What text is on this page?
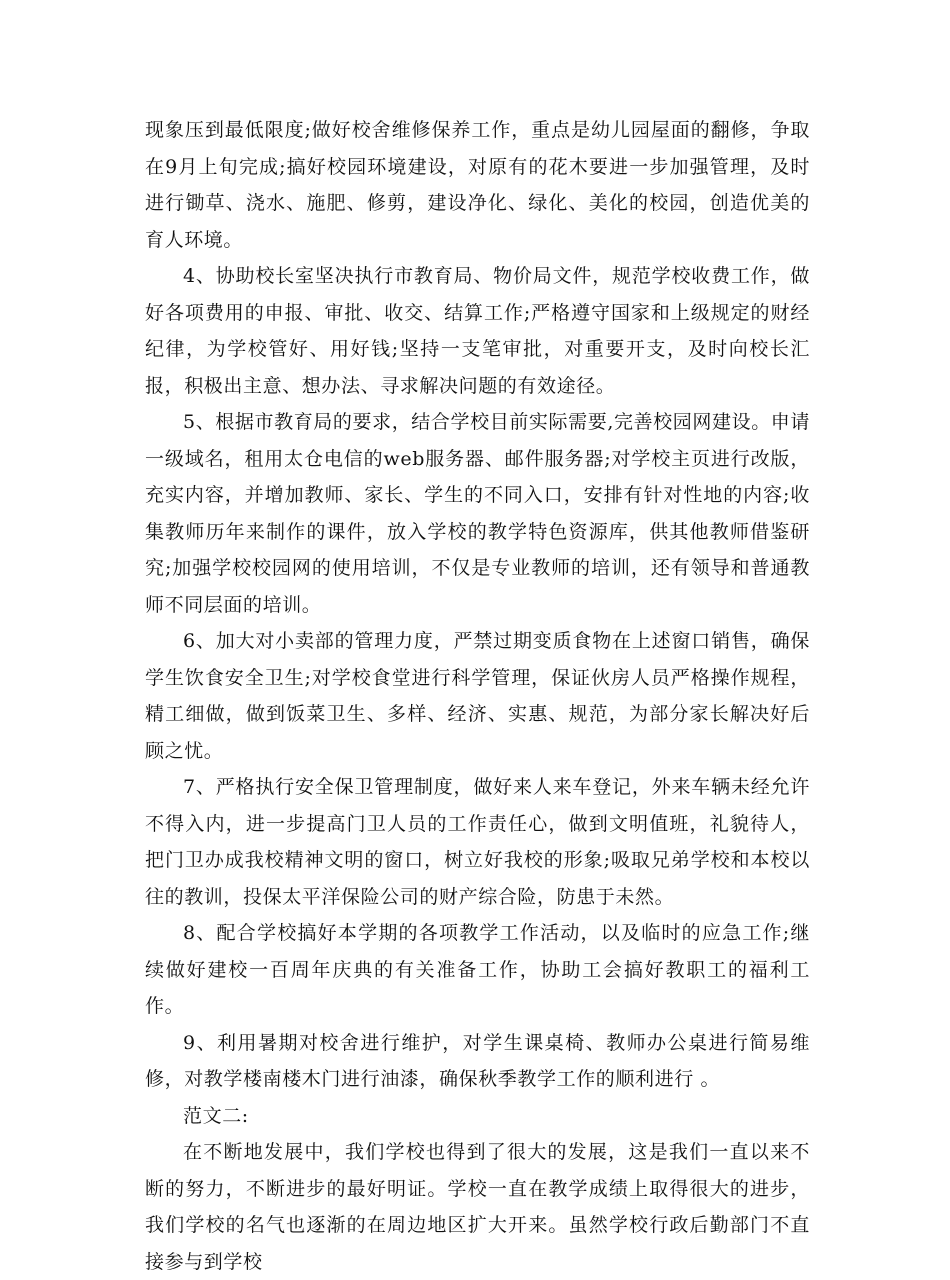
现象压到最低限度;做好校舍维修保养工作，重点是幼儿园屋面的翻修，争取在9月上旬完成;搞好校园环境建设，对原有的花木要进一步加强管理，及时进行锄草、浇水、施肥、修剪，建设净化、绿化、美化的校园，创造优美的育人环境。

4、协助校长室坚决执行市教育局、物价局文件，规范学校收费工作，做好各项费用的申报、审批、收交、结算工作;严格遵守国家和上级规定的财经纪律，为学校管好、用好钱;坚持一支笔审批，对重要开支，及时向校长汇报，积极出主意、想办法、寻求解决问题的有效途径。

5、根据市教育局的要求，结合学校目前实际需要,完善校园网建设。申请一级域名，租用太仓电信的web服务器、邮件服务器;对学校主页进行改版，充实内容，并增加教师、家长、学生的不同入口，安排有针对性地的内容;收集教师历年来制作的课件，放入学校的教学特色资源库，供其他教师借鉴研究;加强学校校园网的使用培训，不仅是专业教师的培训，还有领导和普通教师不同层面的培训。

6、加大对小卖部的管理力度，严禁过期变质食物在上述窗口销售，确保学生饮食安全卫生;对学校食堂进行科学管理，保证伙房人员严格操作规程，精工细做，做到饭菜卫生、多样、经济、实惠、规范，为部分家长解决好后顾之忧。

7、严格执行安全保卫管理制度，做好来人来车登记，外来车辆未经允许不得入内，进一步提高门卫人员的工作责任心，做到文明值班，礼貌待人，把门卫办成我校精神文明的窗口，树立好我校的形象;吸取兄弟学校和本校以往的教训，投保太平洋保险公司的财产综合险，防患于未然。

8、配合学校搞好本学期的各项教学工作活动，以及临时的应急工作;继续做好建校一百周年庆典的有关准备工作，协助工会搞好教职工的福利工作。

9、利用暑期对校舍进行维护，对学生课桌椅、教师办公桌进行简易维修，对教学楼南楼木门进行油漆，确保秋季教学工作的顺利进行 。

范文二:

在不断地发展中，我们学校也得到了很大的发展，这是我们一直以来不断的努力，不断进步的最好明证。学校一直在教学成绩上取得很大的进步，我们学校的名气也逐渐的在周边地区扩大开来。虽然学校行政后勤部门不直接参与到学校
